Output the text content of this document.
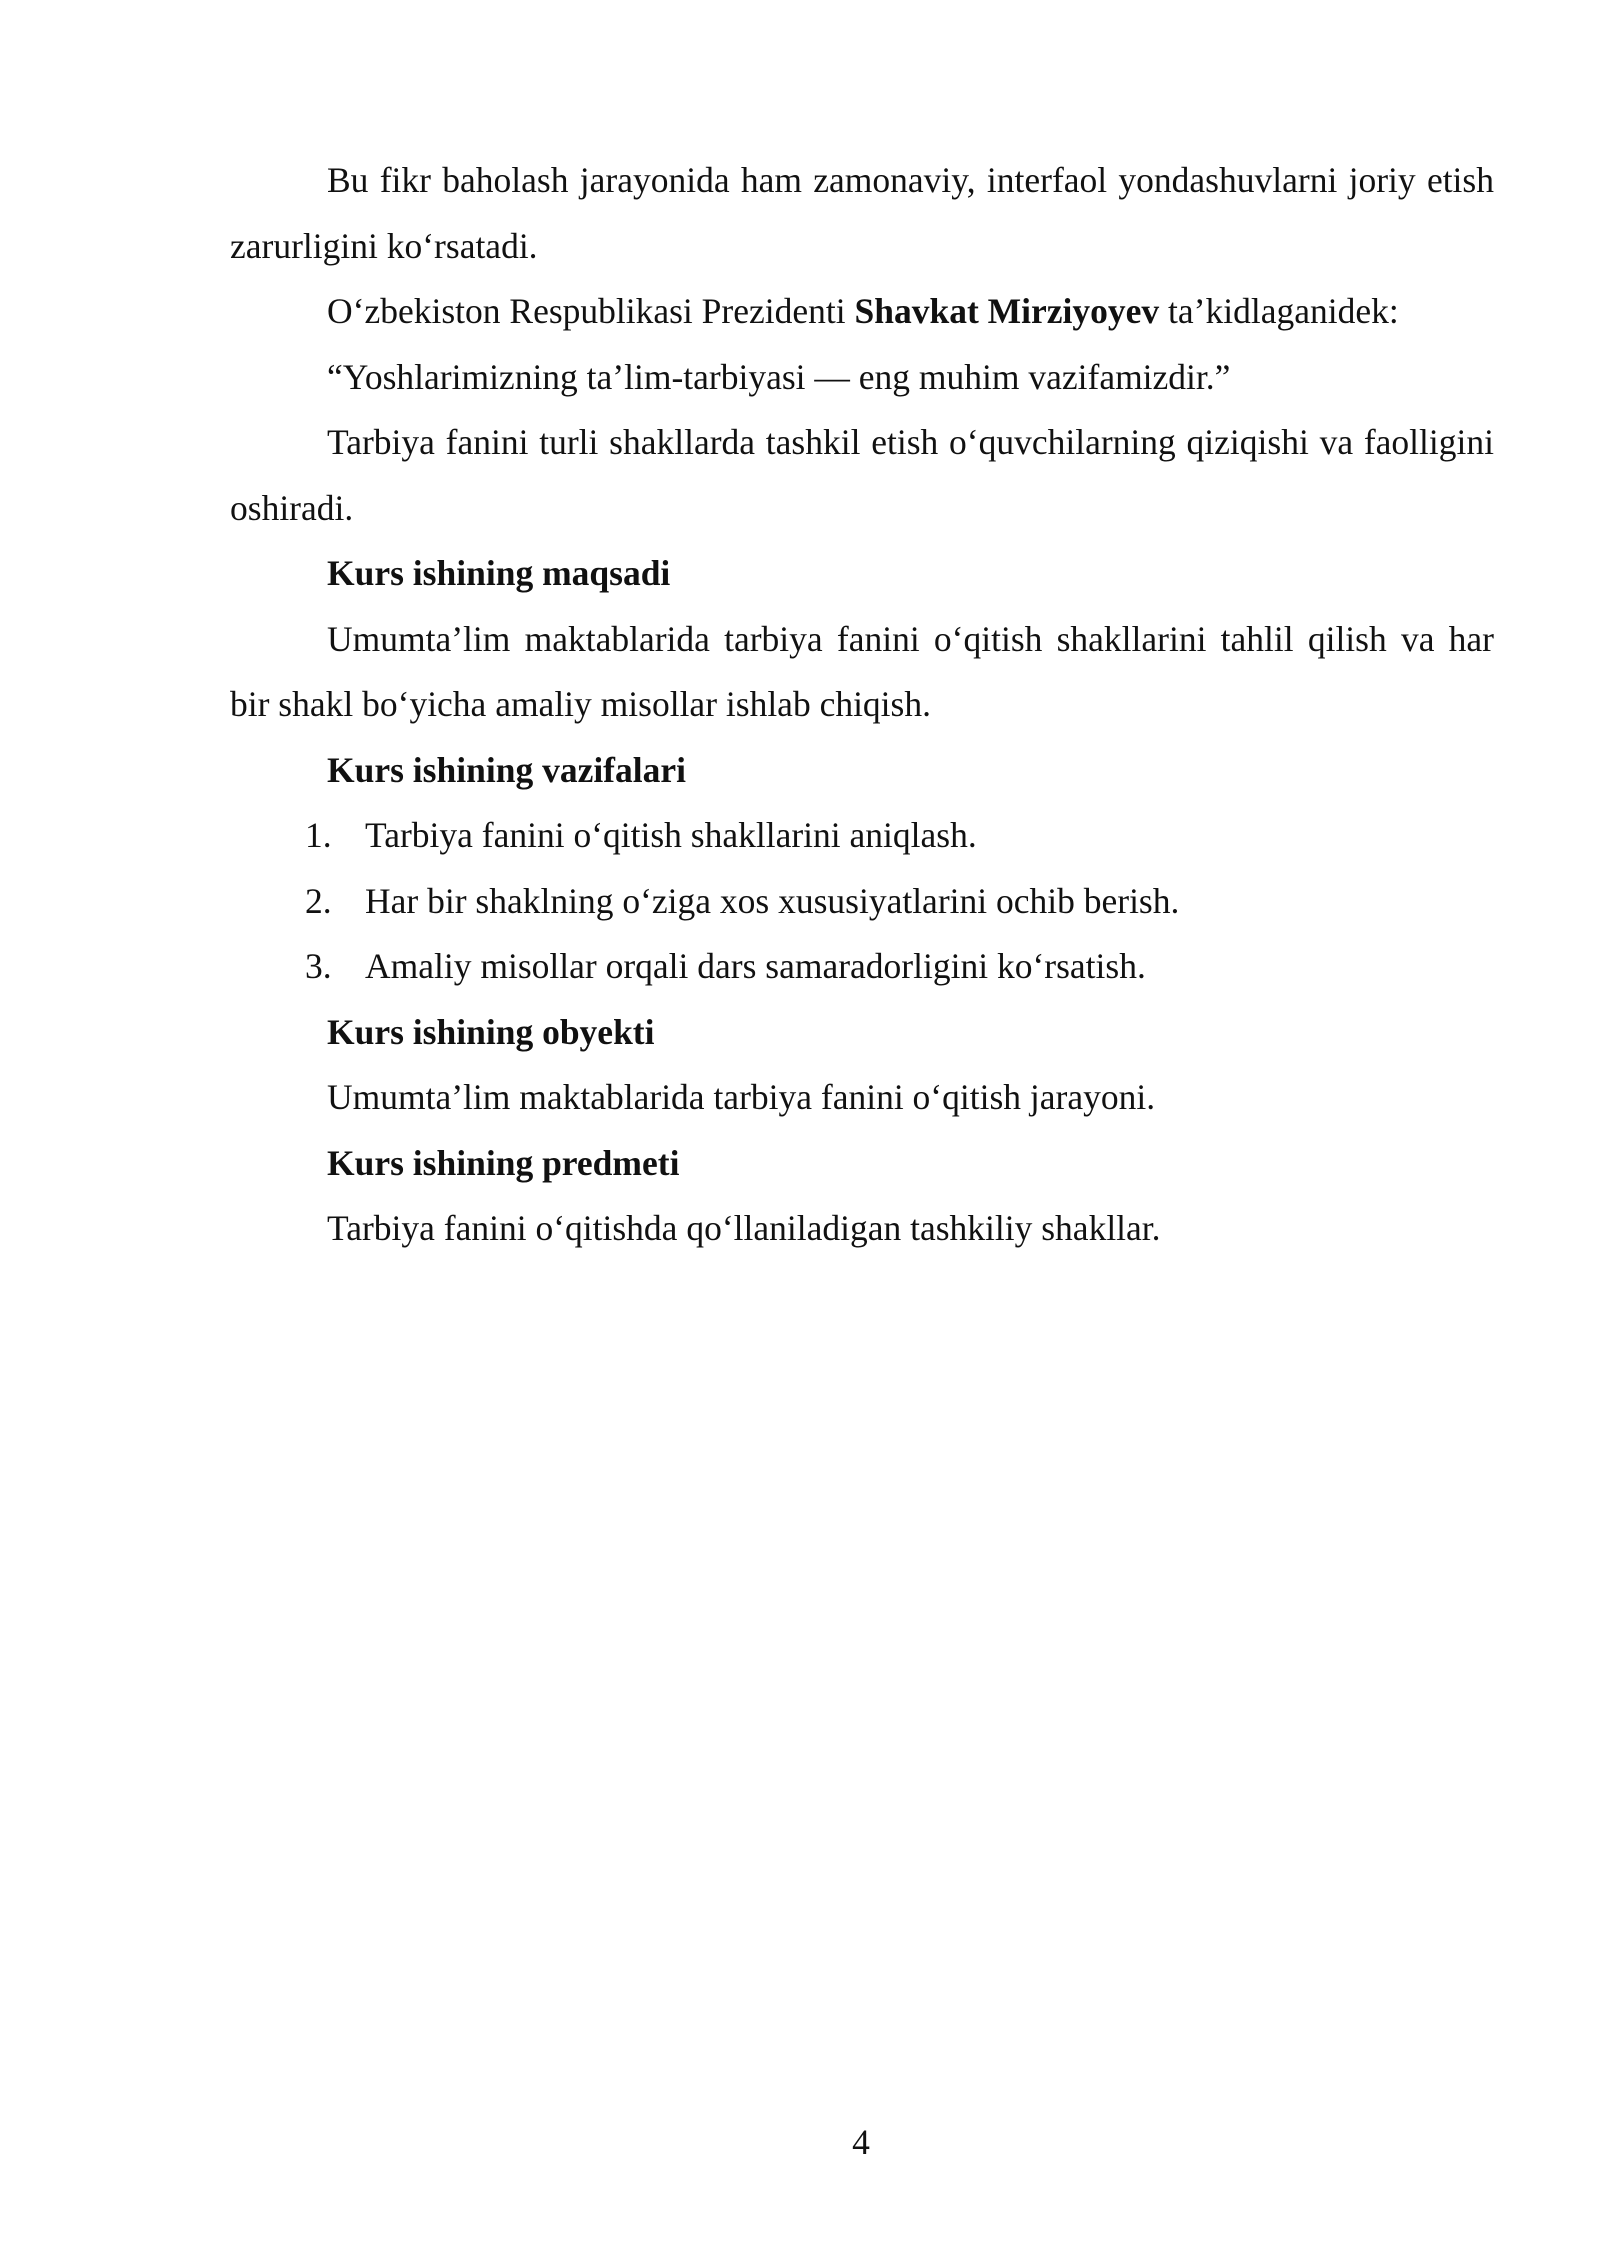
Bu fikr baholash jarayonida ham zamonaviy, interfaol yondashuvlarni joriy etish zarurligini ko‘rsatadi.

O‘zbekiston Respublikasi Prezidenti Shavkat Mirziyoyev ta’kidlaganidek:

“Yoshlarimizning ta’lim-tarbiyasi — eng muhim vazifamizdir.”

Tarbiya fanini turli shakllarda tashkil etish o‘quvchilarning qiziqishi va faolligini oshiradi.

Kurs ishining maqsadi

Umumta’lim maktablarida tarbiya fanini o‘qitish shakllarini tahlil qilish va har bir shakl bo‘yicha amaliy misollar ishlab chiqish.

Kurs ishining vazifalari

1. Tarbiya fanini o‘qitish shakllarini aniqlash.
2. Har bir shaklning o‘ziga xos xususiyatlarini ochib berish.
3. Amaliy misollar orqali dars samaradorligini ko‘rsatish.

Kurs ishining obyekti

Umumta’lim maktablarida tarbiya fanini o‘qitish jarayoni.

Kurs ishining predmeti

Tarbiya fanini o‘qitishda qo‘llaniladigan tashkiliy shakllar.

4
